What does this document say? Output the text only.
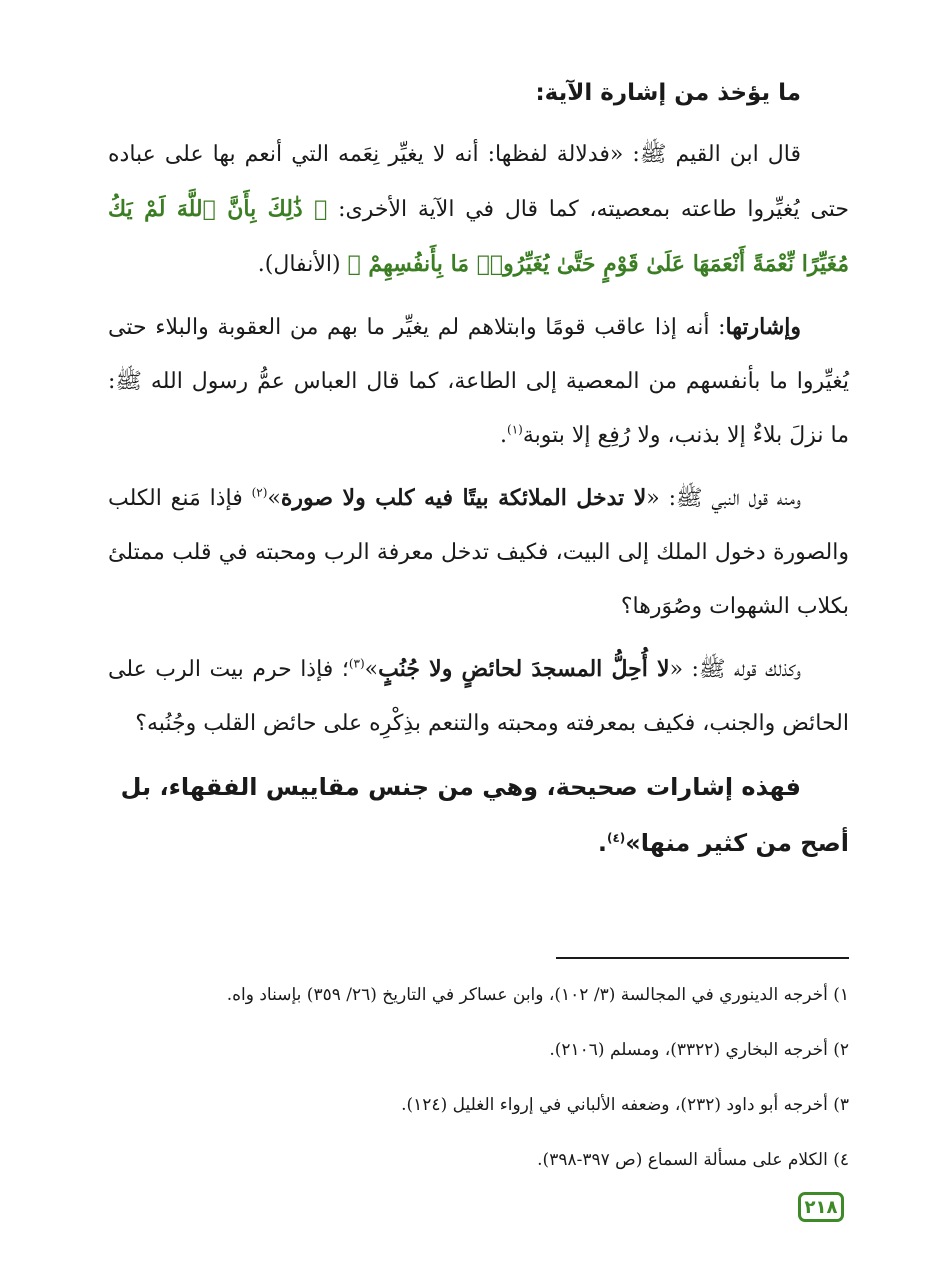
ما يؤخذ من إشارة الآية:

قال ابن القيم ﷺ: «فدلالة لفظها: أنه لا يغيِّر نِعَمه التي أنعم بها على عباده حتى يُغيِّروا طاعته بمعصيته، كما قال في الآية الأخرى: ﴿ ذَٰلِكَ بِأَنَّ ٱللَّهَ لَمْ يَكُ مُغَيِّرًا نِّعْمَةً أَنْعَمَهَا عَلَىٰ قَوْمٍ حَتَّىٰ يُغَيِّرُوا۟ مَا بِأَنفُسِهِمْ ﴾ (الأنفال).

وإشارتها: أنه إذا عاقب قومًا وابتلاهم لم يغيِّر ما بهم من العقوبة والبلاء حتى يُغيِّروا ما بأنفسهم من المعصية إلى الطاعة، كما قال العباس عمُّ رسول الله ﷺ: ما نزلَ بلاءٌ إلا بذنب، ولا رُفِع إلا بتوبة$^{(١)}$.

ومنه قول النبي ﷺ: «لا تدخل الملائكة بيتًا فيه كلب ولا صورة»$^{(٢)}$ فإذا مَنع الكلب والصورة دخول الملك إلى البيت، فكيف تدخل معرفة الرب ومحبته في قلب ممتلئ بكلاب الشهوات وصُوَرها؟

وكذلك قوله ﷺ: «لا أُحِلُّ المسجدَ لحائضٍ ولا جُنُبٍ»$^{(٣)}$؛ فإذا حرم بيت الرب على الحائض والجنب، فكيف بمعرفته ومحبته والتنعم بذِكْرِه على حائض القلب وجُنُبه؟

فهذه إشارات صحيحة، وهي من جنس مقاييس الفقهاء، بل أصح من كثير منها»$^{(٤)}$.

١) أخرجه الدينوري في المجالسة (٣/ ١٠٢)، وابن عساكر في التاريخ (٢٦/ ٣٥٩) بإسناد واه.
٢) أخرجه البخاري (٣٣٢٢)، ومسلم (٢١٠٦).
٣) أخرجه أبو داود (٢٣٢)، وضعفه الألباني في إرواء الغليل (١٢٤).
٤) الكلام على مسألة السماع (ص ٣٩٧-٣٩٨).
٢١٨
